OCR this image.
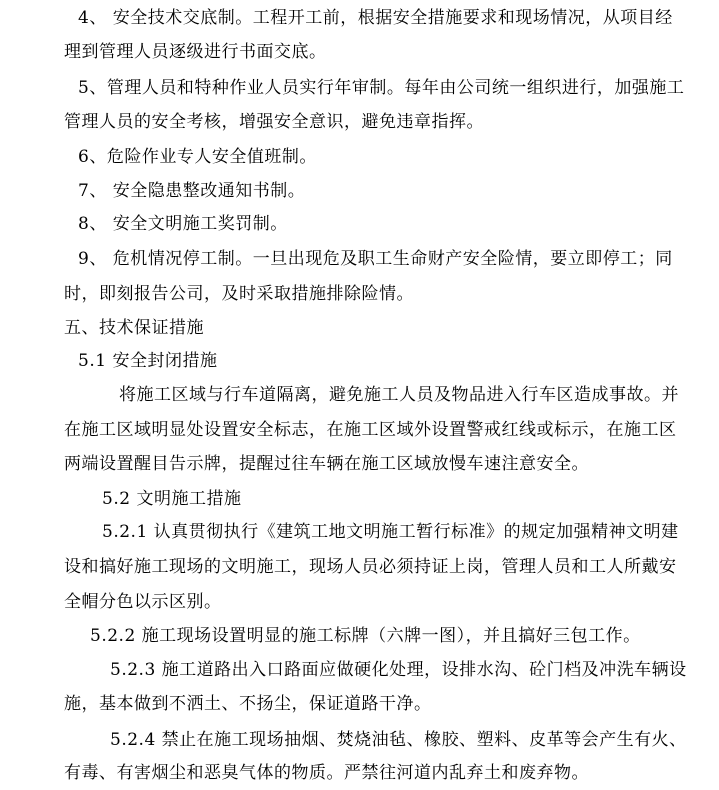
4、 安全技术交底制。工程开工前，根据安全措施要求和现场情况，从项目经
理到管理人员逐级进行书面交底。
5、管理人员和特种作业人员实行年审制。每年由公司统一组织进行，加强施工
管理人员的安全考核，增强安全意识，避免违章指挥。
6、危险作业专人安全值班制。
7、 安全隐患整改通知书制。
8、 安全文明施工奖罚制。
9、 危机情况停工制。一旦出现危及职工生命财产安全险情，要立即停工；同
时，即刻报告公司，及时采取措施排除险情。
五、技术保证措施
5.1 安全封闭措施
将施工区域与行车道隔离，避免施工人员及物品进入行车区造成事故。并
在施工区域明显处设置安全标志，在施工区域外设置警戒红线或标示，在施工区
两端设置醒目告示牌，提醒过往车辆在施工区域放慢车速注意安全。
5.2 文明施工措施
5.2.1 认真贯彻执行《建筑工地文明施工暂行标准》的规定加强精神文明建
设和搞好施工现场的文明施工，现场人员必须持证上岗，管理人员和工人所戴安
全帽分色以示区别。
5.2.2 施工现场设置明显的施工标牌（六牌一图），并且搞好三包工作。
5.2.3 施工道路出入口路面应做硬化处理，设排水沟、砼门档及冲洗车辆设
施，基本做到不洒土、不扬尘，保证道路干净。
5.2.4 禁止在施工现场抽烟、焚烧油毡、橡胶、塑料、皮革等会产生有火、
有毒、有害烟尘和恶臭气体的物质。严禁往河道内乱弃土和废弃物。
